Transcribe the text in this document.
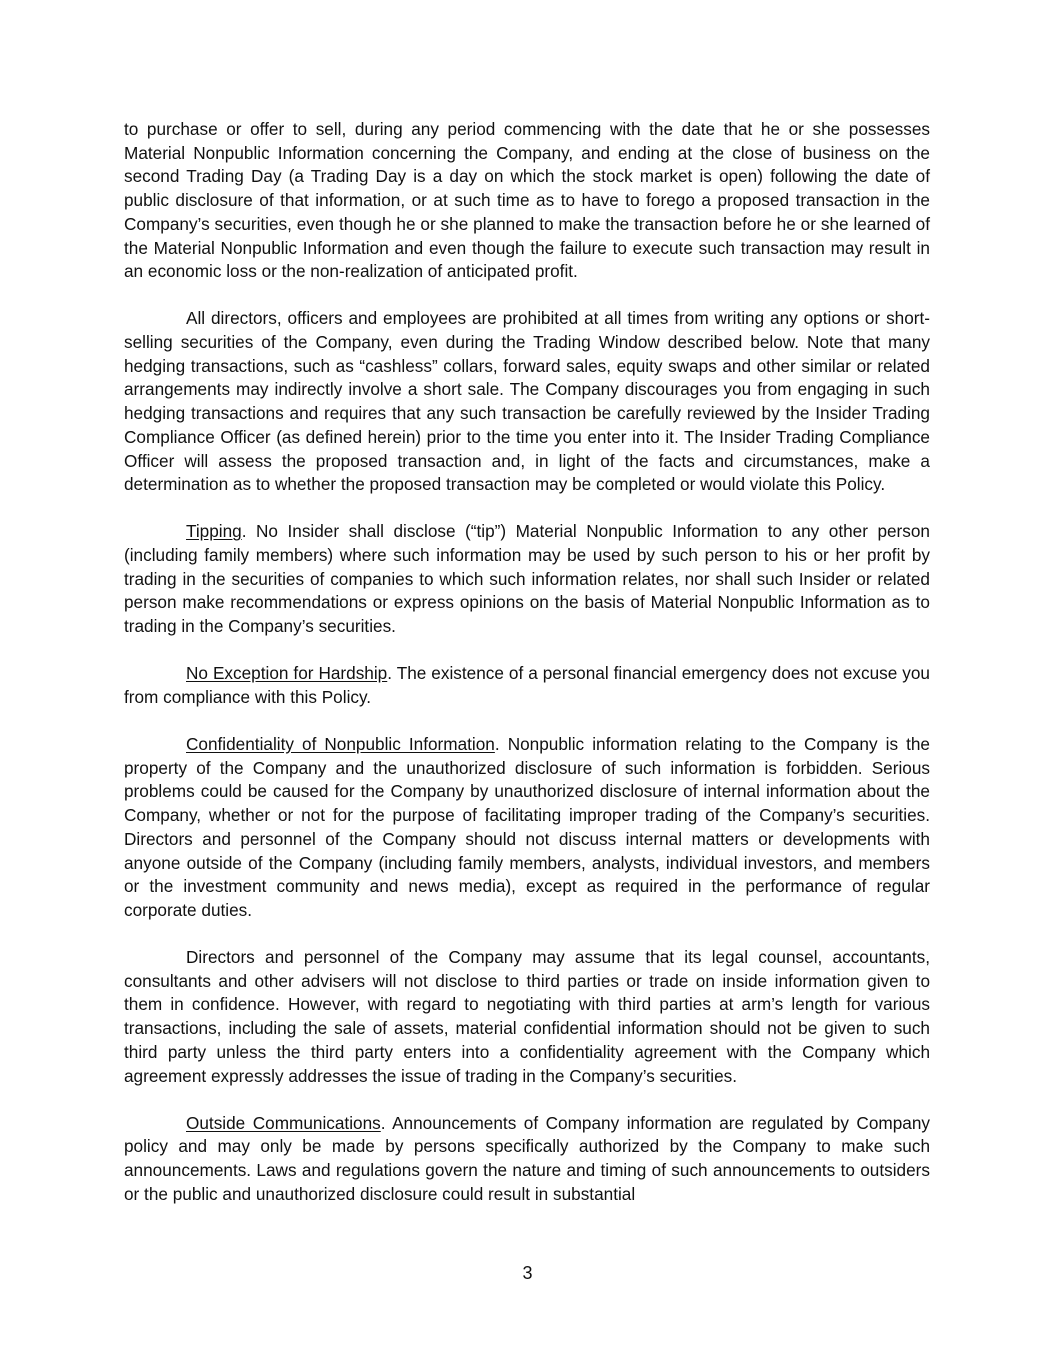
to purchase or offer to sell, during any period commencing with the date that he or she possesses Material Nonpublic Information concerning the Company, and ending at the close of business on the second Trading Day (a Trading Day is a day on which the stock market is open) following the date of public disclosure of that information, or at such time as to have to forego a proposed transaction in the Company’s securities, even though he or she planned to make the transaction before he or she learned of the Material Nonpublic Information and even though the failure to execute such transaction may result in an economic loss or the non-realization of anticipated profit.

All directors, officers and employees are prohibited at all times from writing any options or short-selling securities of the Company, even during the Trading Window described below. Note that many hedging transactions, such as “cashless” collars, forward sales, equity swaps and other similar or related arrangements may indirectly involve a short sale. The Company discourages you from engaging in such hedging transactions and requires that any such transaction be carefully reviewed by the Insider Trading Compliance Officer (as defined herein) prior to the time you enter into it. The Insider Trading Compliance Officer will assess the proposed transaction and, in light of the facts and circumstances, make a determination as to whether the proposed transaction may be completed or would violate this Policy.

Tipping. No Insider shall disclose (“tip”) Material Nonpublic Information to any other person (including family members) where such information may be used by such person to his or her profit by trading in the securities of companies to which such information relates, nor shall such Insider or related person make recommendations or express opinions on the basis of Material Nonpublic Information as to trading in the Company’s securities.

No Exception for Hardship. The existence of a personal financial emergency does not excuse you from compliance with this Policy.

Confidentiality of Nonpublic Information. Nonpublic information relating to the Company is the property of the Company and the unauthorized disclosure of such information is forbidden. Serious problems could be caused for the Company by unauthorized disclosure of internal information about the Company, whether or not for the purpose of facilitating improper trading of the Company’s securities. Directors and personnel of the Company should not discuss internal matters or developments with anyone outside of the Company (including family members, analysts, individual investors, and members or the investment community and news media), except as required in the performance of regular corporate duties.

Directors and personnel of the Company may assume that its legal counsel, accountants, consultants and other advisers will not disclose to third parties or trade on inside information given to them in confidence. However, with regard to negotiating with third parties at arm’s length for various transactions, including the sale of assets, material confidential information should not be given to such third party unless the third party enters into a confidentiality agreement with the Company which agreement expressly addresses the issue of trading in the Company’s securities.

Outside Communications. Announcements of Company information are regulated by Company policy and may only be made by persons specifically authorized by the Company to make such announcements. Laws and regulations govern the nature and timing of such announcements to outsiders or the public and unauthorized disclosure could result in substantial

3
